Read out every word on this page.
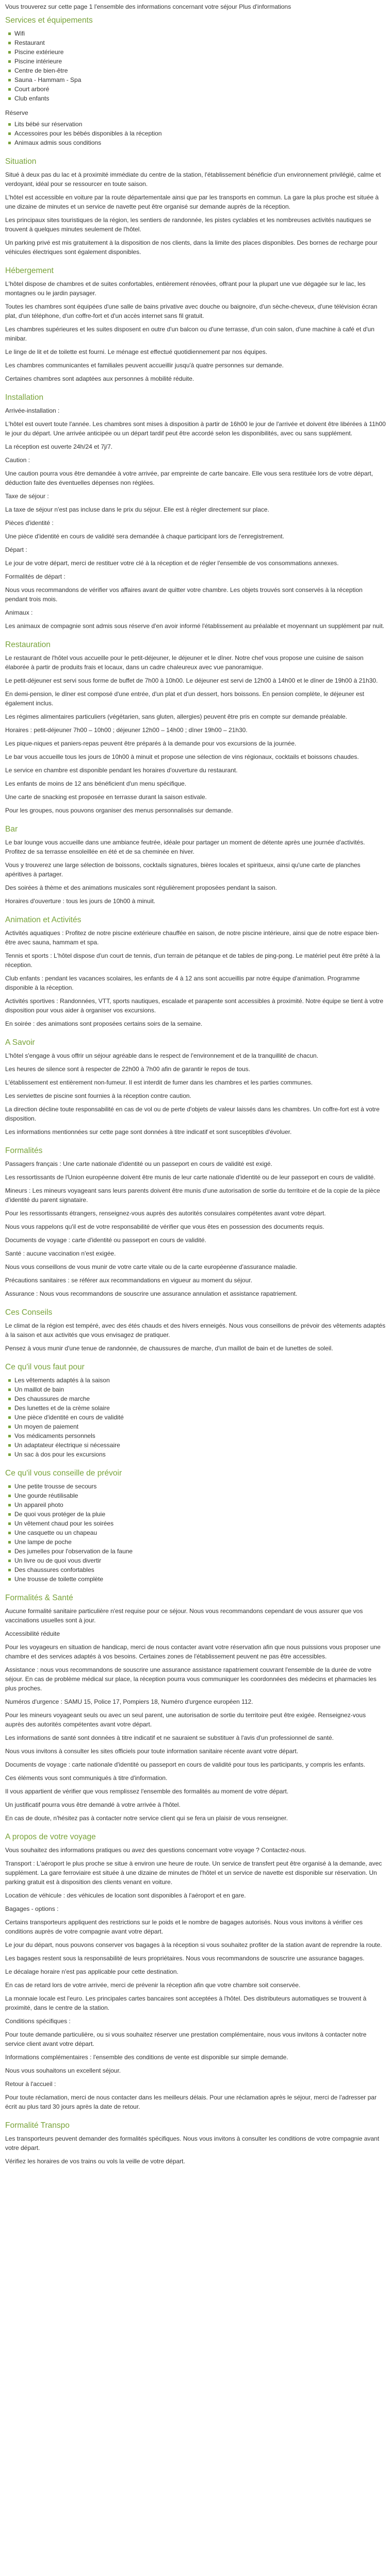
Vous trouverez sur cette page 1 l'ensemble des informations concernant votre séjour Plus d'informations

Services et équipements
Wifi
Restaurant
Piscine extérieure
Piscine intérieure
Centre de bien-être
Sauna - Hammam - Spa
Court arboré
Club enfants

Réserve

Lits bébé sur réservation
Accessoires pour les bébés disponibles à la réception
Animaux admis sous conditions
Situation

Situé à deux pas du lac et à proximité immédiate du centre de la station, l'établissement bénéficie d'un environnement privilégié, calme et verdoyant, idéal pour se ressourcer en toute saison.

L'hôtel est accessible en voiture par la route départementale ainsi que par les transports en commun. La gare la plus proche est située à une dizaine de minutes et un service de navette peut être organisé sur demande auprès de la réception.

Les principaux sites touristiques de la région, les sentiers de randonnée, les pistes cyclables et les nombreuses activités nautiques se trouvent à quelques minutes seulement de l'hôtel.

Un parking privé est mis gratuitement à la disposition de nos clients, dans la limite des places disponibles. Des bornes de recharge pour véhicules électriques sont également disponibles.

Hébergement

L'hôtel dispose de chambres et de suites confortables, entièrement rénovées, offrant pour la plupart une vue dégagée sur le lac, les montagnes ou le jardin paysager.

Toutes les chambres sont équipées d'une salle de bains privative avec douche ou baignoire, d'un sèche-cheveux, d'une télévision écran plat, d'un téléphone, d'un coffre-fort et d'un accès internet sans fil gratuit.

Les chambres supérieures et les suites disposent en outre d'un balcon ou d'une terrasse, d'un coin salon, d'une machine à café et d'un minibar.

Le linge de lit et de toilette est fourni. Le ménage est effectué quotidiennement par nos équipes.

Les chambres communicantes et familiales peuvent accueillir jusqu'à quatre personnes sur demande.

Certaines chambres sont adaptées aux personnes à mobilité réduite.

Installation

Arrivée-installation :

L'hôtel est ouvert toute l'année. Les chambres sont mises à disposition à partir de 16h00 le jour de l'arrivée et doivent être libérées à 11h00 le jour du départ. Une arrivée anticipée ou un départ tardif peut être accordé selon les disponibilités, avec ou sans supplément.

La réception est ouverte 24h/24 et 7j/7.

Caution :

Une caution pourra vous être demandée à votre arrivée, par empreinte de carte bancaire. Elle vous sera restituée lors de votre départ, déduction faite des éventuelles dépenses non réglées.

Taxe de séjour :

La taxe de séjour n'est pas incluse dans le prix du séjour. Elle est à régler directement sur place.

Pièces d'identité :

Une pièce d'identité en cours de validité sera demandée à chaque participant lors de l'enregistrement.

Départ :

Le jour de votre départ, merci de restituer votre clé à la réception et de régler l'ensemble de vos consommations annexes.

Formalités de départ :

Nous vous recommandons de vérifier vos affaires avant de quitter votre chambre. Les objets trouvés sont conservés à la réception pendant trois mois.

Animaux :

Les animaux de compagnie sont admis sous réserve d'en avoir informé l'établissement au préalable et moyennant un supplément par nuit.

Restauration

Le restaurant de l'hôtel vous accueille pour le petit-déjeuner, le déjeuner et le dîner. Notre chef vous propose une cuisine de saison élaborée à partir de produits frais et locaux, dans un cadre chaleureux avec vue panoramique.

Le petit-déjeuner est servi sous forme de buffet de 7h00 à 10h00. Le déjeuner est servi de 12h00 à 14h00 et le dîner de 19h00 à 21h30.

En demi-pension, le dîner est composé d'une entrée, d'un plat et d'un dessert, hors boissons. En pension complète, le déjeuner est également inclus.

Les régimes alimentaires particuliers (végétarien, sans gluten, allergies) peuvent être pris en compte sur demande préalable.

Horaires : petit-déjeuner 7h00 – 10h00 ; déjeuner 12h00 – 14h00 ; dîner 19h00 – 21h30.

Les pique-niques et paniers-repas peuvent être préparés à la demande pour vos excursions de la journée.

Le bar vous accueille tous les jours de 10h00 à minuit et propose une sélection de vins régionaux, cocktails et boissons chaudes.

Le service en chambre est disponible pendant les horaires d'ouverture du restaurant.

Les enfants de moins de 12 ans bénéficient d'un menu spécifique.

Une carte de snacking est proposée en terrasse durant la saison estivale.

Pour les groupes, nous pouvons organiser des menus personnalisés sur demande.

Bar

Le bar lounge vous accueille dans une ambiance feutrée, idéale pour partager un moment de détente après une journée d'activités. Profitez de sa terrasse ensoleillée en été et de sa cheminée en hiver.

Vous y trouverez une large sélection de boissons, cocktails signatures, bières locales et spiritueux, ainsi qu'une carte de planches apéritives à partager.

Des soirées à thème et des animations musicales sont régulièrement proposées pendant la saison.

Horaires d'ouverture : tous les jours de 10h00 à minuit.

Animation et Activités

Activités aquatiques : Profitez de notre piscine extérieure chauffée en saison, de notre piscine intérieure, ainsi que de notre espace bien-être avec sauna, hammam et spa.

Tennis et sports : L'hôtel dispose d'un court de tennis, d'un terrain de pétanque et de tables de ping-pong. Le matériel peut être prêté à la réception.

Club enfants : pendant les vacances scolaires, les enfants de 4 à 12 ans sont accueillis par notre équipe d'animation. Programme disponible à la réception.

Activités sportives : Randonnées, VTT, sports nautiques, escalade et parapente sont accessibles à proximité. Notre équipe se tient à votre disposition pour vous aider à organiser vos excursions.

En soirée : des animations sont proposées certains soirs de la semaine.

A Savoir

L'hôtel s'engage à vous offrir un séjour agréable dans le respect de l'environnement et de la tranquillité de chacun.

Les heures de silence sont à respecter de 22h00 à 7h00 afin de garantir le repos de tous.

L'établissement est entièrement non-fumeur. Il est interdit de fumer dans les chambres et les parties communes.

Les serviettes de piscine sont fournies à la réception contre caution.

La direction décline toute responsabilité en cas de vol ou de perte d'objets de valeur laissés dans les chambres. Un coffre-fort est à votre disposition.

Les informations mentionnées sur cette page sont données à titre indicatif et sont susceptibles d'évoluer.

Formalités

Passagers français : Une carte nationale d'identité ou un passeport en cours de validité est exigé.

Les ressortissants de l'Union européenne doivent être munis de leur carte nationale d'identité ou de leur passeport en cours de validité.

Mineurs : Les mineurs voyageant sans leurs parents doivent être munis d'une autorisation de sortie du territoire et de la copie de la pièce d'identité du parent signataire.

Pour les ressortissants étrangers, renseignez-vous auprès des autorités consulaires compétentes avant votre départ.

Nous vous rappelons qu'il est de votre responsabilité de vérifier que vous êtes en possession des documents requis.

Documents de voyage : carte d'identité ou passeport en cours de validité.

Santé : aucune vaccination n'est exigée.

Nous vous conseillons de vous munir de votre carte vitale ou de la carte européenne d'assurance maladie.

Précautions sanitaires : se référer aux recommandations en vigueur au moment du séjour.

Assurance : Nous vous recommandons de souscrire une assurance annulation et assistance rapatriement.

Ces Conseils

Le climat de la région est tempéré, avec des étés chauds et des hivers enneigés. Nous vous conseillons de prévoir des vêtements adaptés à la saison et aux activités que vous envisagez de pratiquer.

Pensez à vous munir d'une tenue de randonnée, de chaussures de marche, d'un maillot de bain et de lunettes de soleil.

Ce qu'il vous faut pour
Les vêtements adaptés à la saison
Un maillot de bain
Des chaussures de marche
Des lunettes et de la crème solaire
Une pièce d'identité en cours de validité
Un moyen de paiement
Vos médicaments personnels
Un adaptateur électrique si nécessaire
Un sac à dos pour les excursions
Ce qu'il vous conseille de prévoir
Une petite trousse de secours
Une gourde réutilisable
Un appareil photo
De quoi vous protéger de la pluie
Un vêtement chaud pour les soirées
Une casquette ou un chapeau
Une lampe de poche
Des jumelles pour l'observation de la faune
Un livre ou de quoi vous divertir
Des chaussures confortables
Une trousse de toilette complète
Formalités & Santé

Aucune formalité sanitaire particulière n'est requise pour ce séjour. Nous vous recommandons cependant de vous assurer que vos vaccinations usuelles sont à jour.

Accessibilité réduite

Pour les voyageurs en situation de handicap, merci de nous contacter avant votre réservation afin que nous puissions vous proposer une chambre et des services adaptés à vos besoins. Certaines zones de l'établissement peuvent ne pas être accessibles.

Assistance : nous vous recommandons de souscrire une assurance assistance rapatriement couvrant l'ensemble de la durée de votre séjour. En cas de problème médical sur place, la réception pourra vous communiquer les coordonnées des médecins et pharmacies les plus proches.

Numéros d'urgence : SAMU 15, Police 17, Pompiers 18, Numéro d'urgence européen 112.

Pour les mineurs voyageant seuls ou avec un seul parent, une autorisation de sortie du territoire peut être exigée. Renseignez-vous auprès des autorités compétentes avant votre départ.

Les informations de santé sont données à titre indicatif et ne sauraient se substituer à l'avis d'un professionnel de santé.

Nous vous invitons à consulter les sites officiels pour toute information sanitaire récente avant votre départ.

Documents de voyage : carte nationale d'identité ou passeport en cours de validité pour tous les participants, y compris les enfants.

Ces éléments vous sont communiqués à titre d'information.

Il vous appartient de vérifier que vous remplissez l'ensemble des formalités au moment de votre départ.

Un justificatif pourra vous être demandé à votre arrivée à l'hôtel.

En cas de doute, n'hésitez pas à contacter notre service client qui se fera un plaisir de vous renseigner.

A propos de votre voyage

Vous souhaitez des informations pratiques ou avez des questions concernant votre voyage ? Contactez-nous.

Transport : L'aéroport le plus proche se situe à environ une heure de route. Un service de transfert peut être organisé à la demande, avec supplément. La gare ferroviaire est située à une dizaine de minutes de l'hôtel et un service de navette est disponible sur réservation. Un parking gratuit est à disposition des clients venant en voiture.

Location de véhicule : des véhicules de location sont disponibles à l'aéroport et en gare.

Bagages - options :

Certains transporteurs appliquent des restrictions sur le poids et le nombre de bagages autorisés. Nous vous invitons à vérifier ces conditions auprès de votre compagnie avant votre départ.

Le jour du départ, nous pouvons conserver vos bagages à la réception si vous souhaitez profiter de la station avant de reprendre la route.

Les bagages restent sous la responsabilité de leurs propriétaires. Nous vous recommandons de souscrire une assurance bagages.

Le décalage horaire n'est pas applicable pour cette destination.

En cas de retard lors de votre arrivée, merci de prévenir la réception afin que votre chambre soit conservée.

La monnaie locale est l'euro. Les principales cartes bancaires sont acceptées à l'hôtel. Des distributeurs automatiques se trouvent à proximité, dans le centre de la station.

Conditions spécifiques :

Pour toute demande particulière, ou si vous souhaitez réserver une prestation complémentaire, nous vous invitons à contacter notre service client avant votre départ.

Informations complémentaires : l'ensemble des conditions de vente est disponible sur simple demande.

Nous vous souhaitons un excellent séjour.

Retour à l'accueil :

Pour toute réclamation, merci de nous contacter dans les meilleurs délais. Pour une réclamation après le séjour, merci de l'adresser par écrit au plus tard 30 jours après la date de retour.

Formalité Transpo

Les transporteurs peuvent demander des formalités spécifiques. Nous vous invitons à consulter les conditions de votre compagnie avant votre départ.

Vérifiez les horaires de vos trains ou vols la veille de votre départ.
